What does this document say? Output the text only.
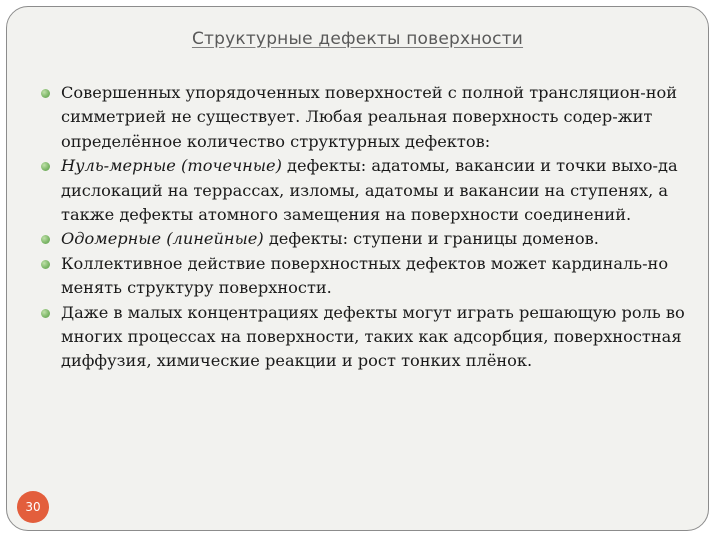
Структурные дефекты поверхности
Совершенных упорядоченных поверхностей с полной трансляцион-ной симметрией не существует. Любая реальная поверхность содер-жит определённое количество структурных дефектов:
Нуль-мерные (точечные) дефекты: адатомы, вакансии и точки выхо-да дислокаций на террассах, изломы, адатомы и вакансии на ступенях, а также дефекты атомного замещения на поверхности соединений.
Одомерные (линейные) дефекты: ступени и границы доменов.
Коллективное действие поверхностных дефектов может кардиналь-но менять структуру поверхности.
Даже в малых концентрациях дефекты могут играть решающую роль во многих процессах на поверхности, таких как адсорбция, поверхностная диффузия, химические реакции и рост тонких плёнок.
30
